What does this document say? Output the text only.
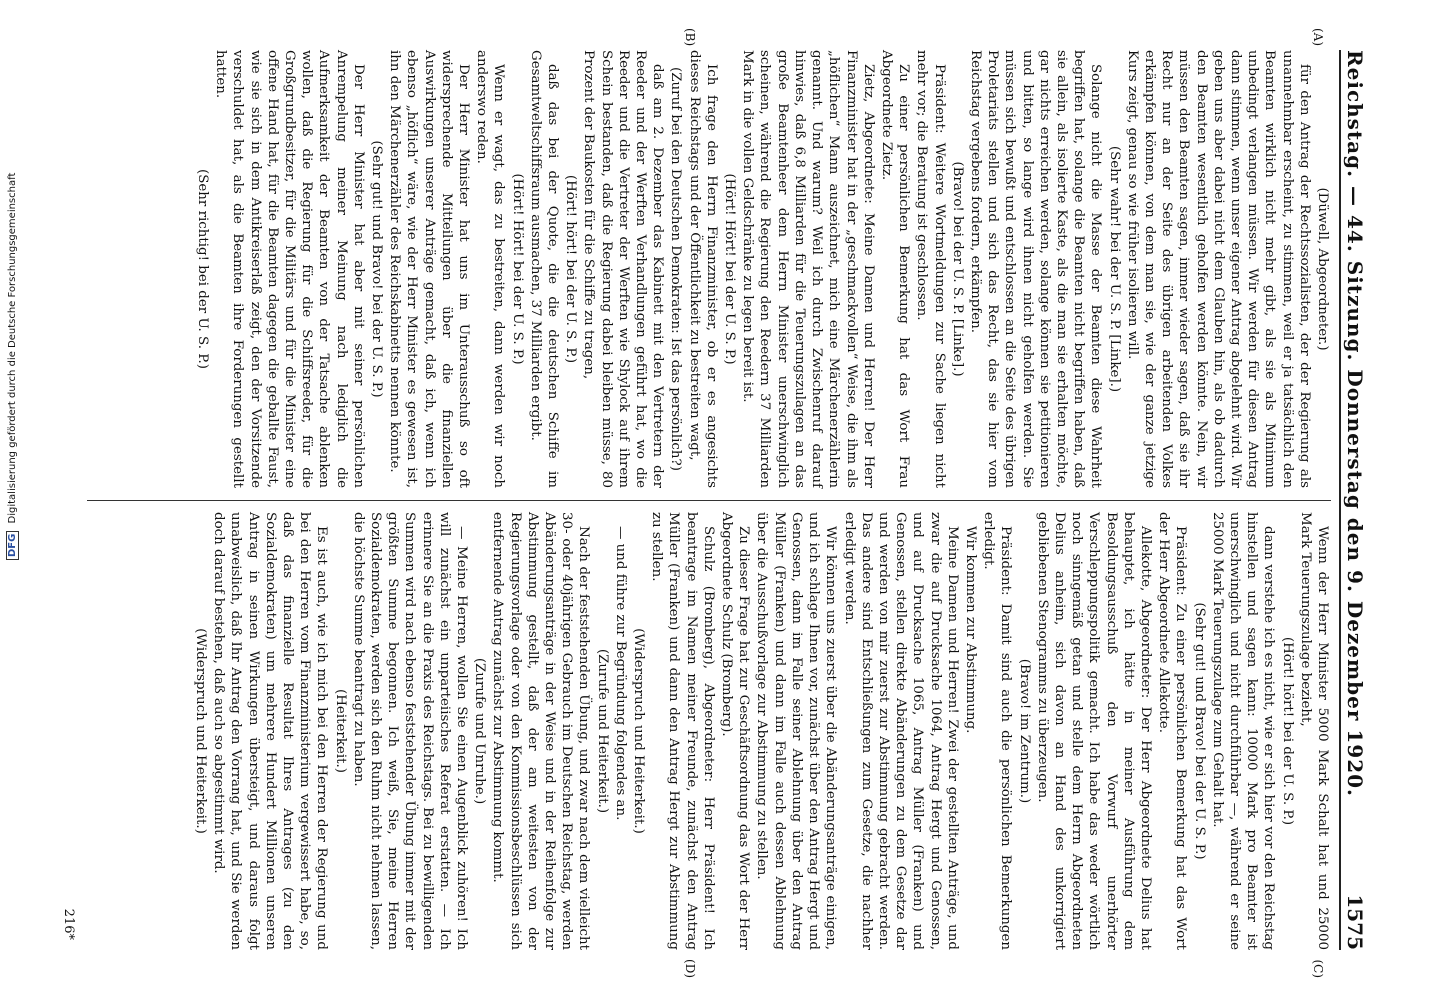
Reichstag. — 44. Sitzung. Donnerstag den 9. Dezember 1920.
1575
(A)
(B)
(C)
(D)

(Düwell, Abgeordneter.)

für den Antrag der Rechtssozialisten, der der Regierung als unannehmbar erscheint, zu stimmen, weil er ja tatsächlich den Beamten wirklich nicht mehr gibt, als sie als Minimum unbedingt verlangen müssen. Wir werden für diesen Antrag dann stimmen, wenn unser eigener Antrag abgelehnt wird. Wir geben uns aber dabei nicht dem Glauben hin, als ob dadurch den Beamten wesentlich geholfen werden könnte. Nein, wir müssen den Beamten sagen, immer wieder sagen, daß sie ihr Recht nur an der Seite des übrigen arbeitenden Volkes erkämpfen können, von dem man sie, wie der ganze jetzige Kurs zeigt, genau so wie früher isolieren will.

(Sehr wahr! bei der U. S. P. [Linke].)

Solange nicht die Masse der Beamten diese Wahrheit begriffen hat, solange die Beamten nicht begriffen haben, daß sie allein, als isolierte Kaste, als die man sie erhalten möchte, gar nichts erreichen werden, solange können sie petitionieren und bitten, so lange wird ihnen nicht geholfen werden. Sie müssen sich bewußt und entschlossen an die Seite des übrigen Proletariats stellen und sich das Recht, das sie hier vom Reichstag vergebens fordern, erkämpfen.

(Bravo! bei der U. S. P. [Linke].)

Präsident: Weitere Wortmeldungen zur Sache liegen nicht mehr vor; die Beratung ist geschlossen.

Zu einer persönlichen Bemerkung hat das Wort Frau Abgeordnete Zietz.

Zietz, Abgeordnete: Meine Damen und Herren! Der Herr Finanzminister hat in der „geschmackvollen“ Weise, die ihm als „höflichen“ Mann auszeichnet, mich eine Märchenerzählerin genannt. Und warum? Weil ich durch Zwischenruf darauf hinwies, daß 6,8 Milliarden für die Teuerungszulagen an das große Beamtenheer dem Herrn Minister unerschwinglich scheinen, während die Regierung den Reedern 37 Milliarden Mark in die vollen Geldschränke zu legen bereit ist.

(Hört! Hört! bei der U. S. P.)

Ich frage den Herrn Finanzminister, ob er es angesichts dieses Reichstags und der Öffentlichkeit zu bestreiten wagt,

(Zuruf bei den Deutschen Demokraten: Ist das persönlich?)

daß am 2. Dezember das Kabinett mit den Vertretern der Reeder und der Werften Verhandlungen geführt hat, wo die Reeder und die Vertreter der Werften wie Shylock auf ihrem Schein bestanden, daß die Regierung dabei bleiben müsse, 80 Prozent der Baukosten für die Schiffe zu tragen,

(Hört! hört! bei der U. S. P.)

daß das bei der Quote, die die deutschen Schiffe im Gesamtweltschiffsraum ausmachen, 37 Milliarden ergibt.

(Hört! Hört! bei der U. S. P.)

Wenn er wagt, das zu bestreiten, dann werden wir noch anderswo reden.

Der Herr Minister hat uns im Unterausschuß so oft widersprechende Mitteilungen über die finanziellen Auswirkungen unserer Anträge gemacht, daß ich, wenn ich ebenso „höflich“ wäre, wie der Herr Minister es gewesen ist, ihn den Märchenerzähler des Reichskabinetts nennen könnte.

(Sehr gut! und Bravo! bei der U. S. P.)

Der Herr Minister hat aber mit seiner persönlichen Anrempelung meiner Meinung nach lediglich die Aufmerksamkeit der Beamten von der Tatsache ablenken wollen, daß die Regierung für die Schiffsreeder, für die Großgrundbesitzer, für die Militärs und für die Minister eine offene Hand hat, für die Beamten dagegen die geballte Faust, wie sie sich in dem Antikreiserlaß zeigt, den der Vorsitzende verschuldet hat, als die Beamten ihre Forderungen gestellt hatten.

(Sehr richtig! bei der U. S. P.)

Wenn der Herr Minister 5000 Mark Schalt hat und 25000 Mark Teuerungszulage bezieht,

(Hört! hört! bei der U. S. P.)

dann verstehe ich es nicht, wie er sich hier vor den Reichstag hinstellen und sagen kann: 10000 Mark pro Beamter ist unerschwinglich und nicht durchführbar —, während er seine 25000 Mark Teuerungszulage zum Gehalt hat.

(Sehr gut! und Bravo! bei der U. S. P.)

Präsident: Zu einer persönlichen Bemerkung hat das Wort der Herr Abgeordnete Allekotte.

Allekotte, Abgeordneter: Der Herr Abgeordnete Delius hat behauptet, ich hätte in meiner Ausführung dem Besoldungsausschuß den Vorwurf unerhörter Verschleppungspolitik gemacht. Ich habe das weder wörtlich noch sinngemäß getan und stelle dem Herrn Abgeordneten Delius anheim, sich davon an Hand des unkorrigiert gebliebenen Stenogramms zu überzeugen.

(Bravo! im Zentrum.)

Präsident: Damit sind auch die persönlichen Bemerkungen erledigt.

Wir kommen zur Abstimmung.

Meine Damen und Herren! Zwei der gestellten Anträge, und zwar die auf Drucksache 1064, Antrag Hergt und Genossen, und auf Drucksache 1065, Antrag Müller (Franken) und Genossen, stellen direkte Abänderungen zu dem Gesetze dar und werden von mir zuerst zur Abstimmung gebracht werden. Das andere sind Entschließungen zum Gesetze, die nachher erledigt werden.

Wir können uns zuerst über die Abänderungsanträge einigen, und ich schlage Ihnen vor, zunächst über den Antrag Hergt und Genossen, dann im Falle seiner Ablehnung über den Antrag Müller (Franken) und dann im Falle auch dessen Ablehnung über die Ausschußvorlage zur Abstimmung zu stellen.

Zu dieser Frage hat zur Geschäftsordnung das Wort der Herr Abgeordnete Schulz (Bromberg).

Schulz (Bromberg), Abgeordneter: Herr Präsident! Ich beantrage im Namen meiner Freunde, zunächst den Antrag Müller (Franken) und dann den Antrag Hergt zur Abstimmung zu stellen.

(Widerspruch und Heiterkeit.)

— und führe zur Begründung folgendes an.

(Zurufe und Heiterkeit.)

Nach der feststehenden Übung, und zwar nach dem vielleicht 30- oder 40jährigen Gebrauch im Deutschen Reichstag, werden Abänderungsanträge in der Weise und in der Reihenfolge zur Abstimmung gestellt, daß der am weitesten von der Regierungsvorlage oder von den Kommissionsbeschlüssen sich entfernende Antrag zunächst zur Abstimmung kommt.

(Zurufe und Unruhe.)

— Meine Herren, wollen Sie einen Augenblick zuhören! Ich will zunächst ein unparteiisches Referat erstatten. — Ich erinnere Sie an die Praxis des Reichstags. Bei zu bewilligenden Summen wird nach ebenso feststehender Übung immer mit der größten Summe begonnen. Ich weiß, Sie, meine Herren Sozialdemokraten, werden sich den Ruhm nicht nehmen lassen, die höchste Summe beantragt zu haben.

(Heiterkeit.)

Es ist auch, wie ich mich bei den Herren der Regierung und bei den Herren vom Finanzministerium vergewissert habe, so, daß das finanzielle Resultat Ihres Antrages (zu den Sozialdemokraten) um mehrere Hundert Millionen unseren Antrag in seinen Wirkungen übersteigt, und daraus folgt unabweislich, daß Ihr Antrag den Vorrang hat, und Sie werden doch darauf bestehen, daß auch so abgestimmt wird.

(Widerspruch und Heiterkeit.)

216*
DFG Digitalisierung gefördert durch die Deutsche Forschungsgemeinschaft
